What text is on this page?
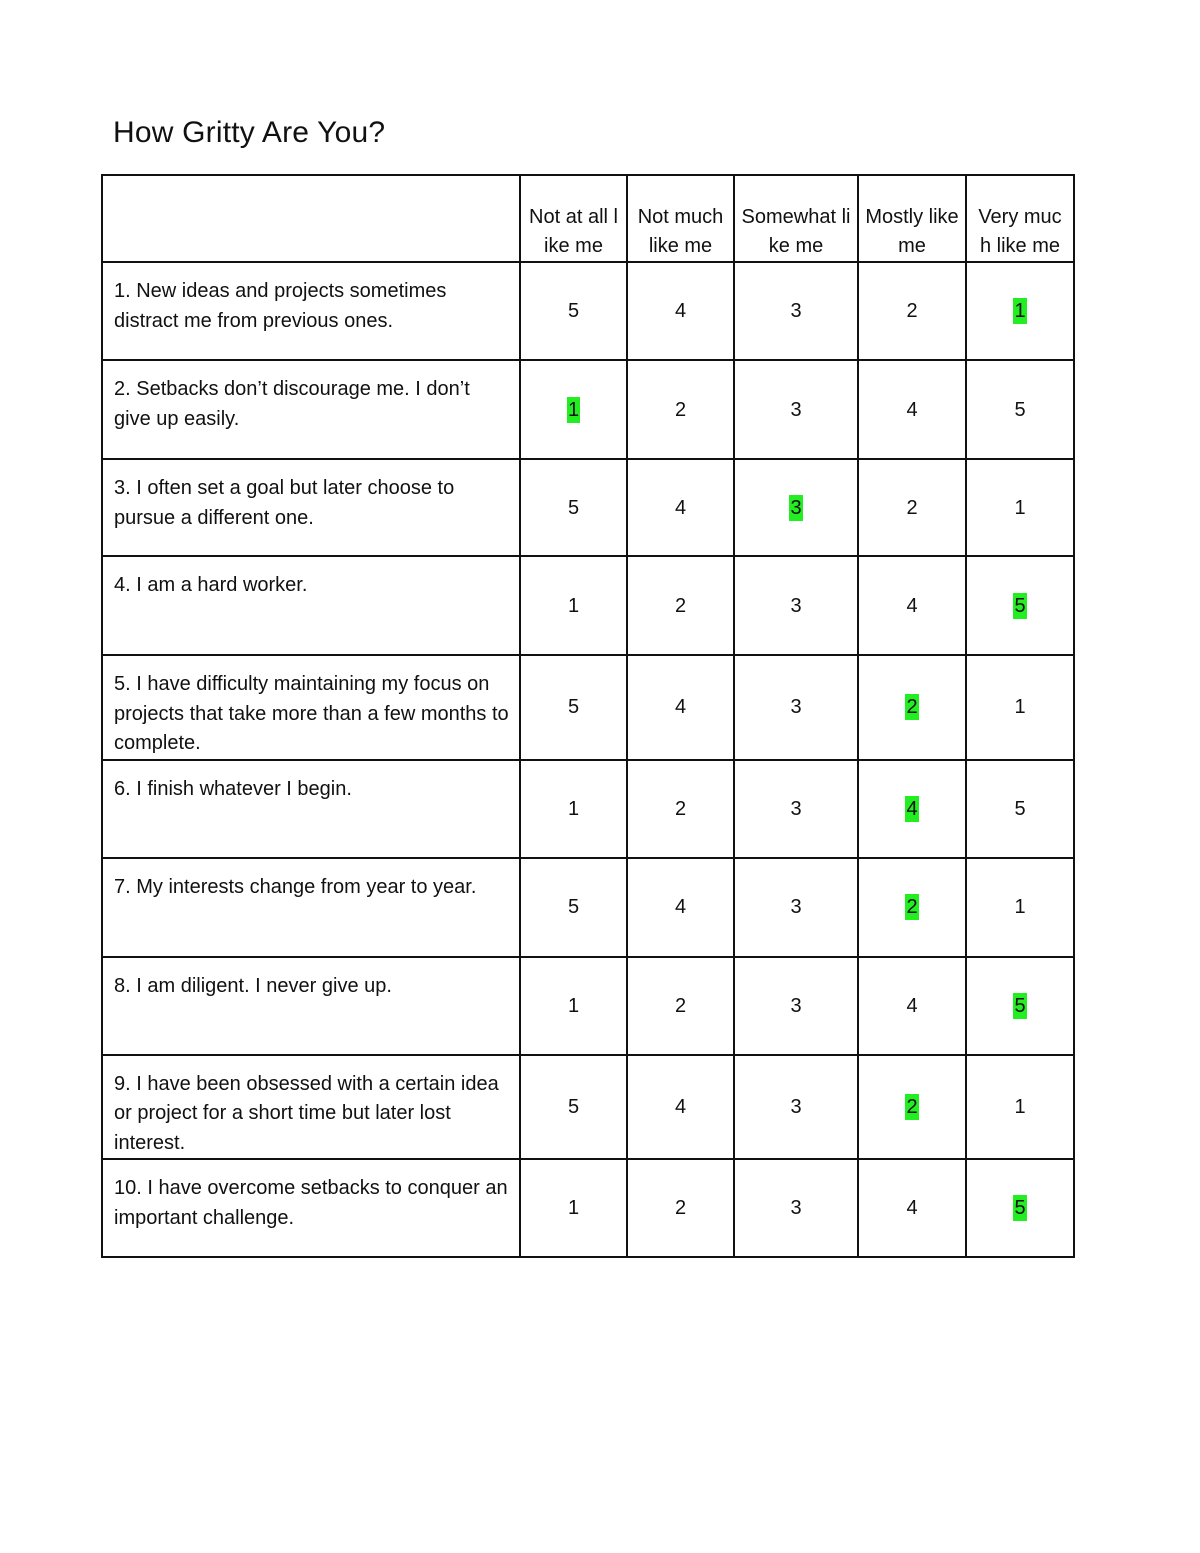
How Gritty Are You?

	Not at all like me	Not much like me	Somewhat like me	Mostly like me	Very much like me

1. New ideas and projects sometimes distract me from previous ones.	5	4	3	2	1
2. Setbacks don’t discourage me. I don’t give up easily.	1	2	3	4	5
3. I often set a goal but later choose to pursue a different one.	5	4	3	2	1
4. I am a hard worker.	1	2	3	4	5
5. I have difficulty maintaining my focus on projects that take more than a few months to complete.	5	4	3	2	1
6. I finish whatever I begin.	1	2	3	4	5
7. My interests change from year to year.	5	4	3	2	1
8. I am diligent. I never give up.	1	2	3	4	5
9. I have been obsessed with a certain idea or project for a short time but later lost interest.	5	4	3	2	1
10. I have overcome setbacks to conquer an important challenge.	1	2	3	4	5
